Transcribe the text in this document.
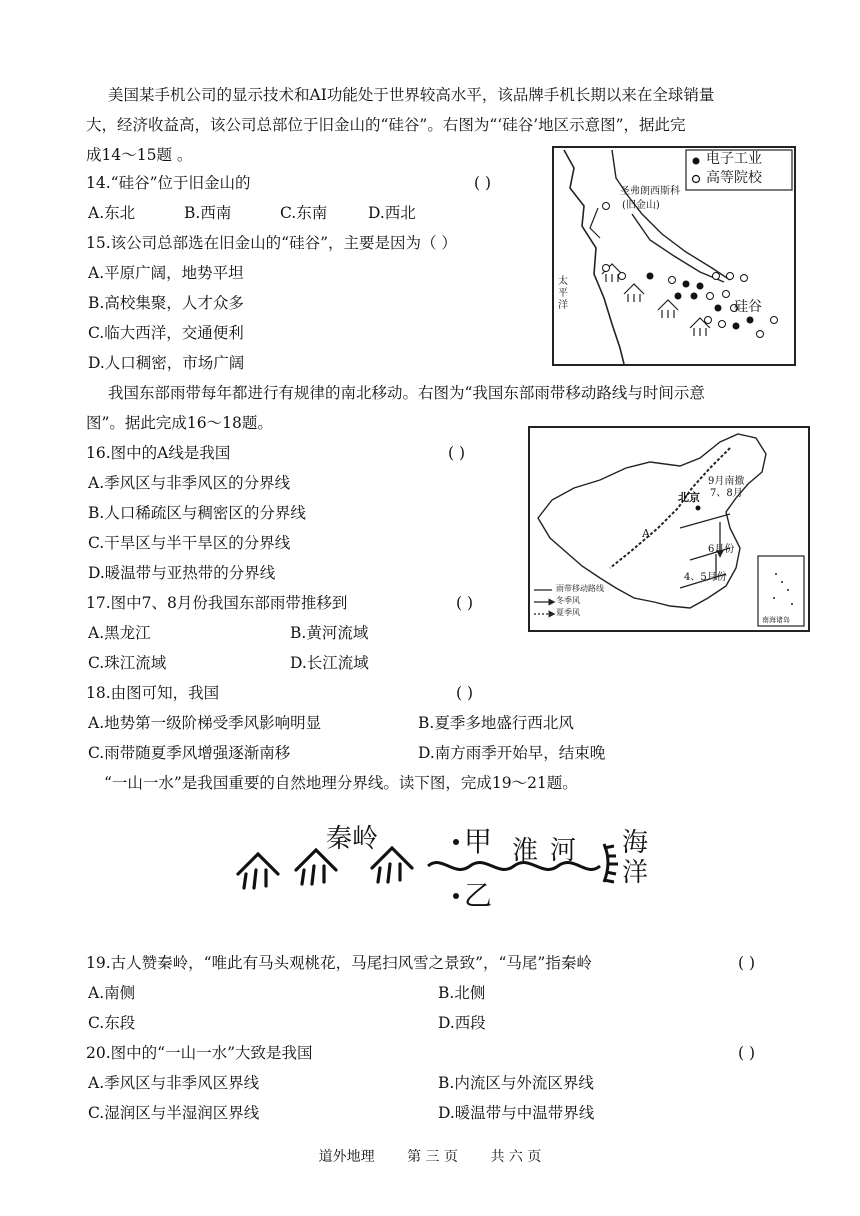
美国某手机公司的显示技术和AI功能处于世界较高水平，该品牌手机长期以来在全球销量
大，经济收益高，该公司总部位于旧金山的“硅谷”。右图为“‘硅谷’地区示意图”，据此完
成14～15题 。
14.“硅谷”位于旧金山的	( )
A.东北	B.西南	C.东南	D.西北
15.该公司总部选在旧金山的“硅谷”，主要是因为（ ）
A.平原广阔，地势平坦
B.高校集聚，人才众多
C.临大西洋，交通便利
D.人口稠密，市场广阔
电子工业
高等院校
圣弗朗西斯科
(旧金山)
太平洋	硅谷
我国东部雨带每年都进行有规律的南北移动。右图为“我国东部雨带移动路线与时间示意
图”。据此完成16～18题。
16.图中的A线是我国	( )
A.季风区与非季风区的分界线
B.人口稀疏区与稠密区的分界线
C.干旱区与半干旱区的分界线
D.暖温带与亚热带的分界线
17.图中7、8月份我国东部雨带推移到	( )
A.黑龙江	B.黄河流域
C.珠江流域	D.长江流域
北京 7、8月
9月南撤
6月份
4、5月份
A
雨带移动路线
冬季风
夏季风
南海诸岛
18.由图可知，我国	( )
A.地势第一级阶梯受季风影响明显	B.夏季多地盛行西北风
C.雨带随夏季风增强逐渐南移	D.南方雨季开始早，结束晚
“一山一水”是我国重要的自然地理分界线。读下图，完成19～21题。
秦岭	甲 淮河
乙
海
洋
19.古人赞秦岭，“唯此有马头观桃花，马尾扫风雪之景致”，“马尾”指秦岭	( )
A.南侧	B.北侧
C.东段	D.西段
20.图中的“一山一水”大致是我国	( )
A.季风区与非季风区界线	B.内流区与外流区界线
C.湿润区与半湿润区界线	D.暖温带与中温带界线
道外地理 第 三 页 共 六 页
